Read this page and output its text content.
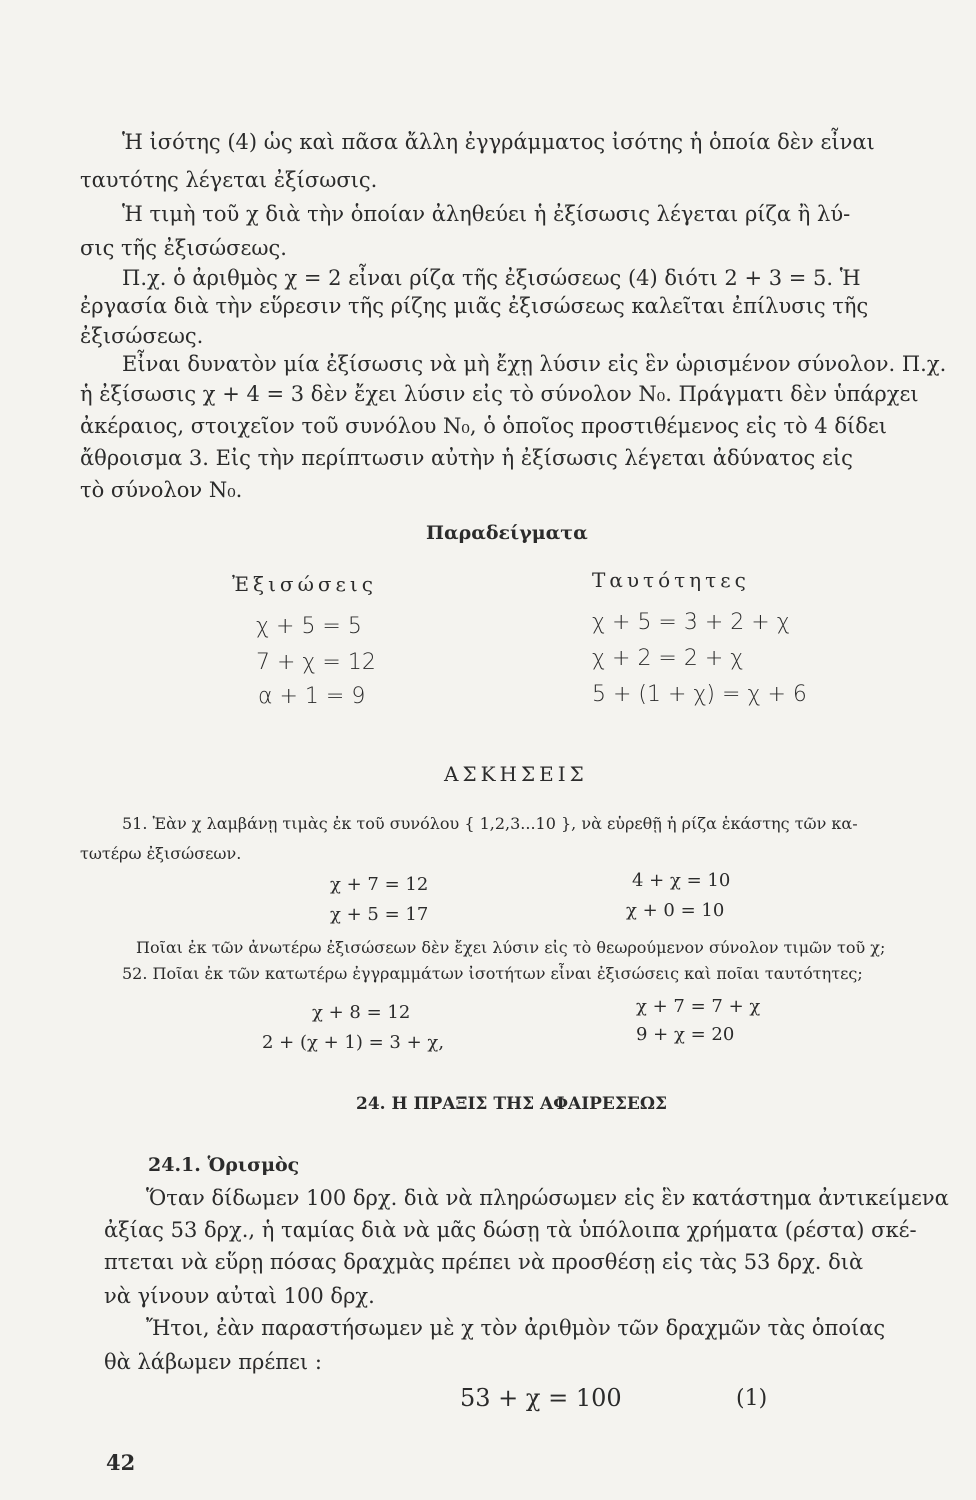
Ἡ ἰσότης (4) ὡς καὶ πᾶσα ἄλλη ἐγγράμματος ἰσότης ἡ ὁποία δὲν εἶναι
ταυτότης λέγεται ἐξίσωσις.
Ἡ τιμὴ τοῦ χ διὰ τὴν ὁποίαν ἀληθεύει ἡ ἐξίσωσις λέγεται ρίζα ἢ λύ-
σις τῆς ἐξισώσεως.
Π.χ. ὁ ἀριθμὸς χ = 2 εἶναι ρίζα τῆς ἐξισώσεως (4) διότι 2 + 3 = 5. Ἡ
ἐργασία διὰ τὴν εὕρεσιν τῆς ρίζης μιᾶς ἐξισώσεως καλεῖται ἐπίλυσις τῆς
ἐξισώσεως.
Εἶναι δυνατὸν μία ἐξίσωσις νὰ μὴ ἔχῃ λύσιν εἰς ἓν ὡρισμένον σύνολον. Π.χ.
ἡ ἐξίσωσις χ + 4 = 3 δὲν ἔχει λύσιν εἰς τὸ σύνολον N₀. Πράγματι δὲν ὑπάρχει
ἀκέραιος, στοιχεῖον τοῦ συνόλου N₀, ὁ ὁποῖος προστιθέμενος εἰς τὸ 4 δίδει
ἄθροισμα 3. Εἰς τὴν περίπτωσιν αὐτὴν ἡ ἐξίσωσις λέγεται ἀδύνατος εἰς
τὸ σύνολον N₀.
Παραδείγματα
Ἐξισώσεις	Ταυτότητες
χ + 5 = 5
7 + χ = 12
α + 1 = 9
χ + 5 = 3 + 2 + χ
χ + 2 = 2 + χ
5 + (1 + χ) = χ + 6
ΑΣΚΗΣΕΙΣ
51. Ἐὰν χ λαμβάνῃ τιμὰς ἐκ τοῦ συνόλου { 1,2,3...10 }, νὰ εὑρεθῇ ἡ ρίζα ἑκάστης τῶν κα-
τωτέρω ἐξισώσεων.
χ + 7 = 12
χ + 5 = 17
4 + χ = 10
χ + 0 = 10
Ποῖαι ἐκ τῶν ἀνωτέρω ἐξισώσεων δὲν ἔχει λύσιν εἰς τὸ θεωρούμενον σύνολον τιμῶν τοῦ χ;
52. Ποῖαι ἐκ τῶν κατωτέρω ἐγγραμμάτων ἰσοτήτων εἶναι ἐξισώσεις καὶ ποῖαι ταυτότητες;
χ + 8 = 12
2 + (χ + 1) = 3 + χ,
χ + 7 = 7 + χ
9 + χ = 20
24. Η ΠΡΑΞΙΣ ΤΗΣ ΑΦΑΙΡΕΣΕΩΣ
24.1. Ὁρισμὸς
Ὅταν δίδωμεν 100 δρχ. διὰ νὰ πληρώσωμεν εἰς ἓν κατάστημα ἀντικείμενα
ἀξίας 53 δρχ., ἡ ταμίας διὰ νὰ μᾶς δώσῃ τὰ ὑπόλοιπα χρήματα (ρέστα) σκέ-
πτεται νὰ εὕρῃ πόσας δραχμὰς πρέπει νὰ προσθέσῃ εἰς τὰς 53 δρχ. διὰ
νὰ γίνουν αὐταὶ 100 δρχ.
Ἤτοι, ἐὰν παραστήσωμεν μὲ χ τὸν ἀριθμὸν τῶν δραχμῶν τὰς ὁποίας
θὰ λάβωμεν πρέπει :
53 + χ = 100	(1)
42
